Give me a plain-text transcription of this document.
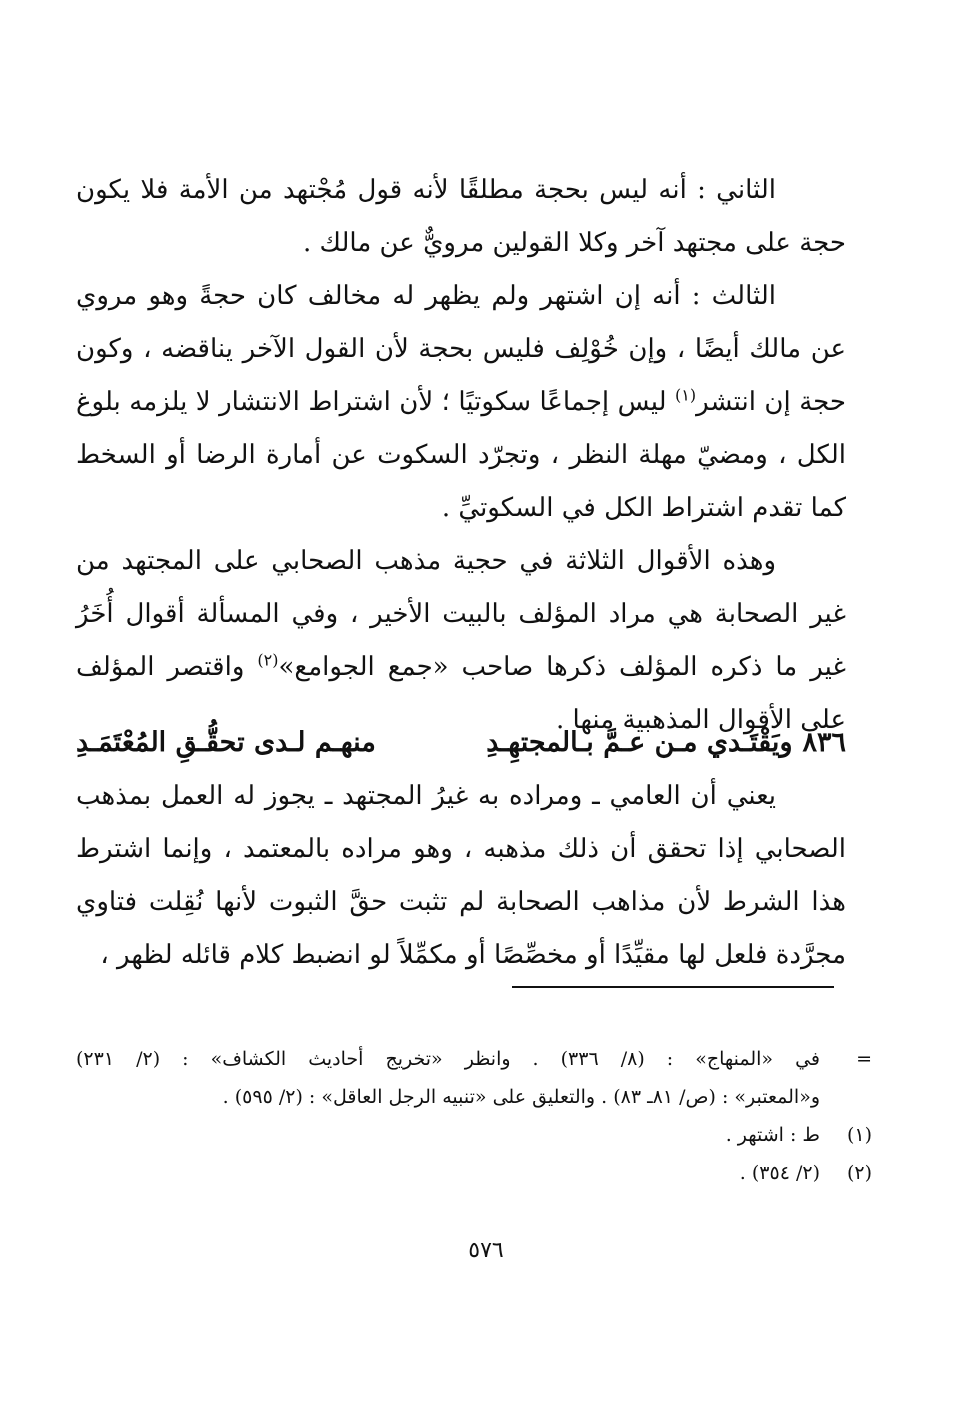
الثاني : أنه ليس بحجة مطلقًا لأنه قول مُجْتهد من الأمة فلا يكون حجة على مجتهد آخر وكلا القولين مرويٌّ عن مالك .

الثالث : أنه إن اشتهر ولم يظهر له مخالف كان حجةً وهو مروي عن مالك أيضًا ، وإن خُوْلِف فليس بحجة لأن القول الآخر يناقضه ، وكون حجة إن انتشر$^{(١)}$ ليس إجماعًا سكوتيًا ؛ لأن اشتراط الانتشار لا يلزمه بلوغ الكل ، ومضيّ مهلة النظر ، وتجرّد السكوت عن أمارة الرضا أو السخط كما تقدم اشتراط الكل في السكوتيِّ .

وهذه الأقوال الثلاثة في حجية مذهب الصحابي على المجتهد من غير الصحابة هي مراد المؤلف بالبيت الأخير ، وفي المسألة أقوال أُخَرُ غير ما ذكره المؤلف ذكرها صاحب «جمع الجوامع»$^{(٢)}$ واقتصر المؤلف على الأقوال المذهبية منها .

٨٣٦
ويَقْتَـدي مـن عـمَّ بـالمجتهِـدِ
منهـم لـدى تحقُّـقِ المُعْتَمَـدِ

يعني أن العامي ـ ومراده به غيرُ المجتهد ـ يجوز له العمل بمذهب الصحابي إذا تحقق أن ذلك مذهبه ، وهو مراده بالمعتمد ، وإنما اشترط هذا الشرط لأن مذاهب الصحابة لم تثبت حقَّ الثبوت لأنها نُقِلت فتاوي مجرَّدة فلعل لها مقيِّدًا أو مخصِّصًا أو مكمِّلاً لو انضبط كلام قائله لظهر ،

=
في «المنهاج» : (٨/ ٣٣٦) . وانظر «تخريج أحاديث الكشاف» : (٢/ ٢٣١)
و«المعتبر» : (ص/ ٨١ـ ٨٣) . والتعليق على «تنبيه الرجل العاقل» : (٢/ ٥٩٥) .
(١)
ط : اشتهر .
(٢)
(٢/ ٣٥٤) .
٥٧٦
